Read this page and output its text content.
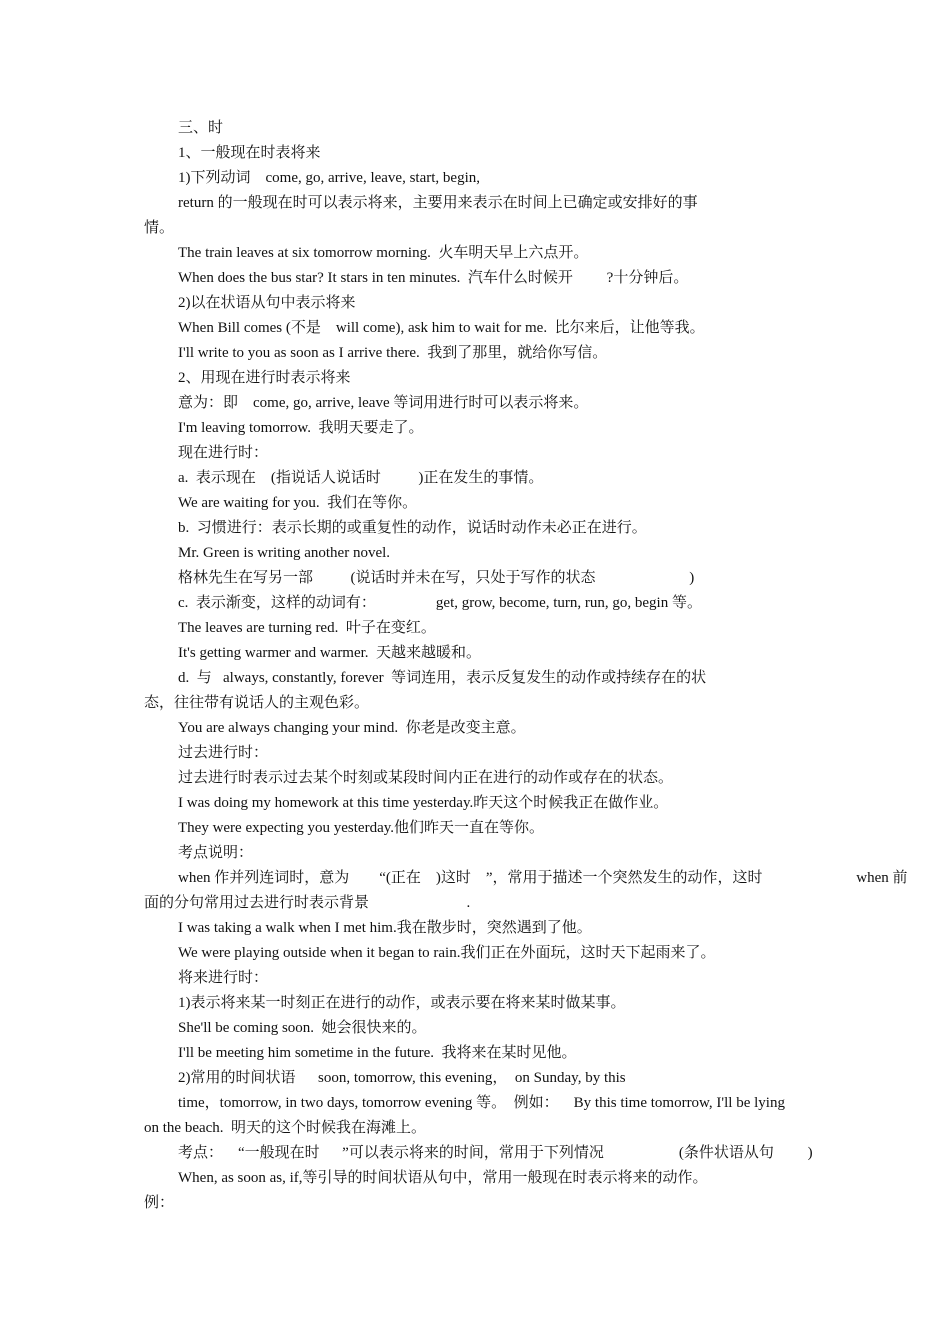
三、时
1、一般现在时表将来
1)下列动词    come, go, arrive, leave, start, begin,
return 的一般现在时可以表示将来，主要用来表示在时间上已确定或安排好的事
情。
The train leaves at six tomorrow morning.  火车明天早上六点开。
When does the bus star? It stars in ten minutes.  汽车什么时候开         ?十分钟后。
2)以在状语从句中表示将来
When Bill comes (不是    will come), ask him to wait for me.  比尔来后，让他等我。
I'll write to you as soon as I arrive there.  我到了那里，就给你写信。
2、用现在进行时表示将来
意为：即    come, go, arrive, leave 等词用进行时可以表示将来。
I'm leaving tomorrow.  我明天要走了。
现在进行时：
a.  表示现在    (指说话人说话时          )正在发生的事情。
We are waiting for you.  我们在等你。
b.  习惯进行：表示长期的或重复性的动作，说话时动作未必正在进行。
Mr. Green is writing another novel.
格林先生在写另一部          (说话时并未在写，只处于写作的状态                         )
c.  表示渐变，这样的动词有：                get, grow, become, turn, run, go, begin 等。
The leaves are turning red.  叶子在变红。
It's getting warmer and warmer.  天越来越暖和。
d.  与   always, constantly, forever  等词连用，表示反复发生的动作或持续存在的状
态，往往带有说话人的主观色彩。
You are always changing your mind.  你老是改变主意。
过去进行时：
过去进行时表示过去某个时刻或某段时间内正在进行的动作或存在的状态。
I was doing my homework at this time yesterday.昨天这个时候我正在做作业。
They were expecting you yesterday.他们昨天一直在等你。
考点说明：
when 作并列连词时，意为        “(正在    )这时    ”，常用于描述一个突然发生的动作，这时                         when 前
面的分句常用过去进行时表示背景                          .
I was taking a walk when I met him.我在散步时，突然遇到了他。
We were playing outside when it began to rain.我们正在外面玩，这时天下起雨来了。
将来进行时：
1)表示将来某一时刻正在进行的动作，或表示要在将来某时做某事。
She'll be coming soon.  她会很快来的。
I'll be meeting him sometime in the future.  我将来在某时见他。
2)常用的时间状语      soon, tomorrow, this evening，  on Sunday, by this
time，tomorrow, in two days, tomorrow evening 等。  例如：    By this time tomorrow, I'll be lying
on the beach.  明天的这个时候我在海滩上。
考点：    “一般现在时      ”可以表示将来的时间，常用于下列情况                    (条件状语从句         )
When, as soon as, if,等引导的时间状语从句中，常用一般现在时表示将来的动作。
例：
